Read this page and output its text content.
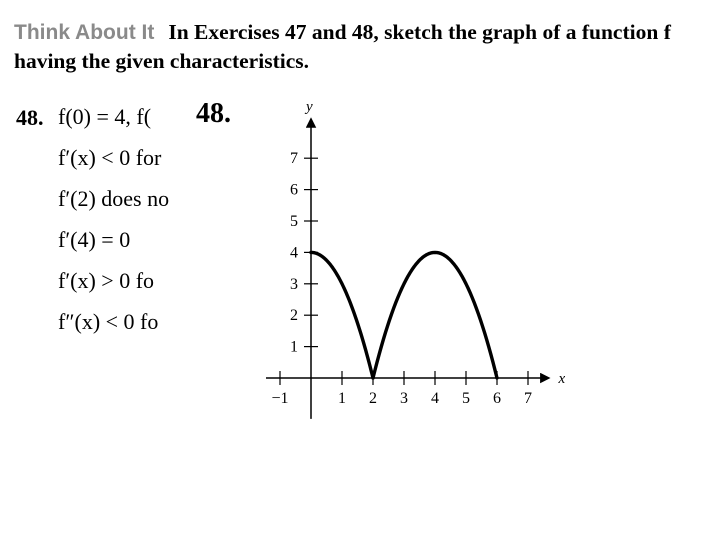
Think About It In Exercises 47 and 48, sketch the graph of a function f having the given characteristics.
48. f(0) = 4, f(
f′(x) < 0 for
f′(2) does no
f′(4) = 0
f′(x) > 0 fo
f″(x) < 0 fo
48.
x
y
−1	1 2 3 4 5 6 7
1
2
3
4
5
6
7
